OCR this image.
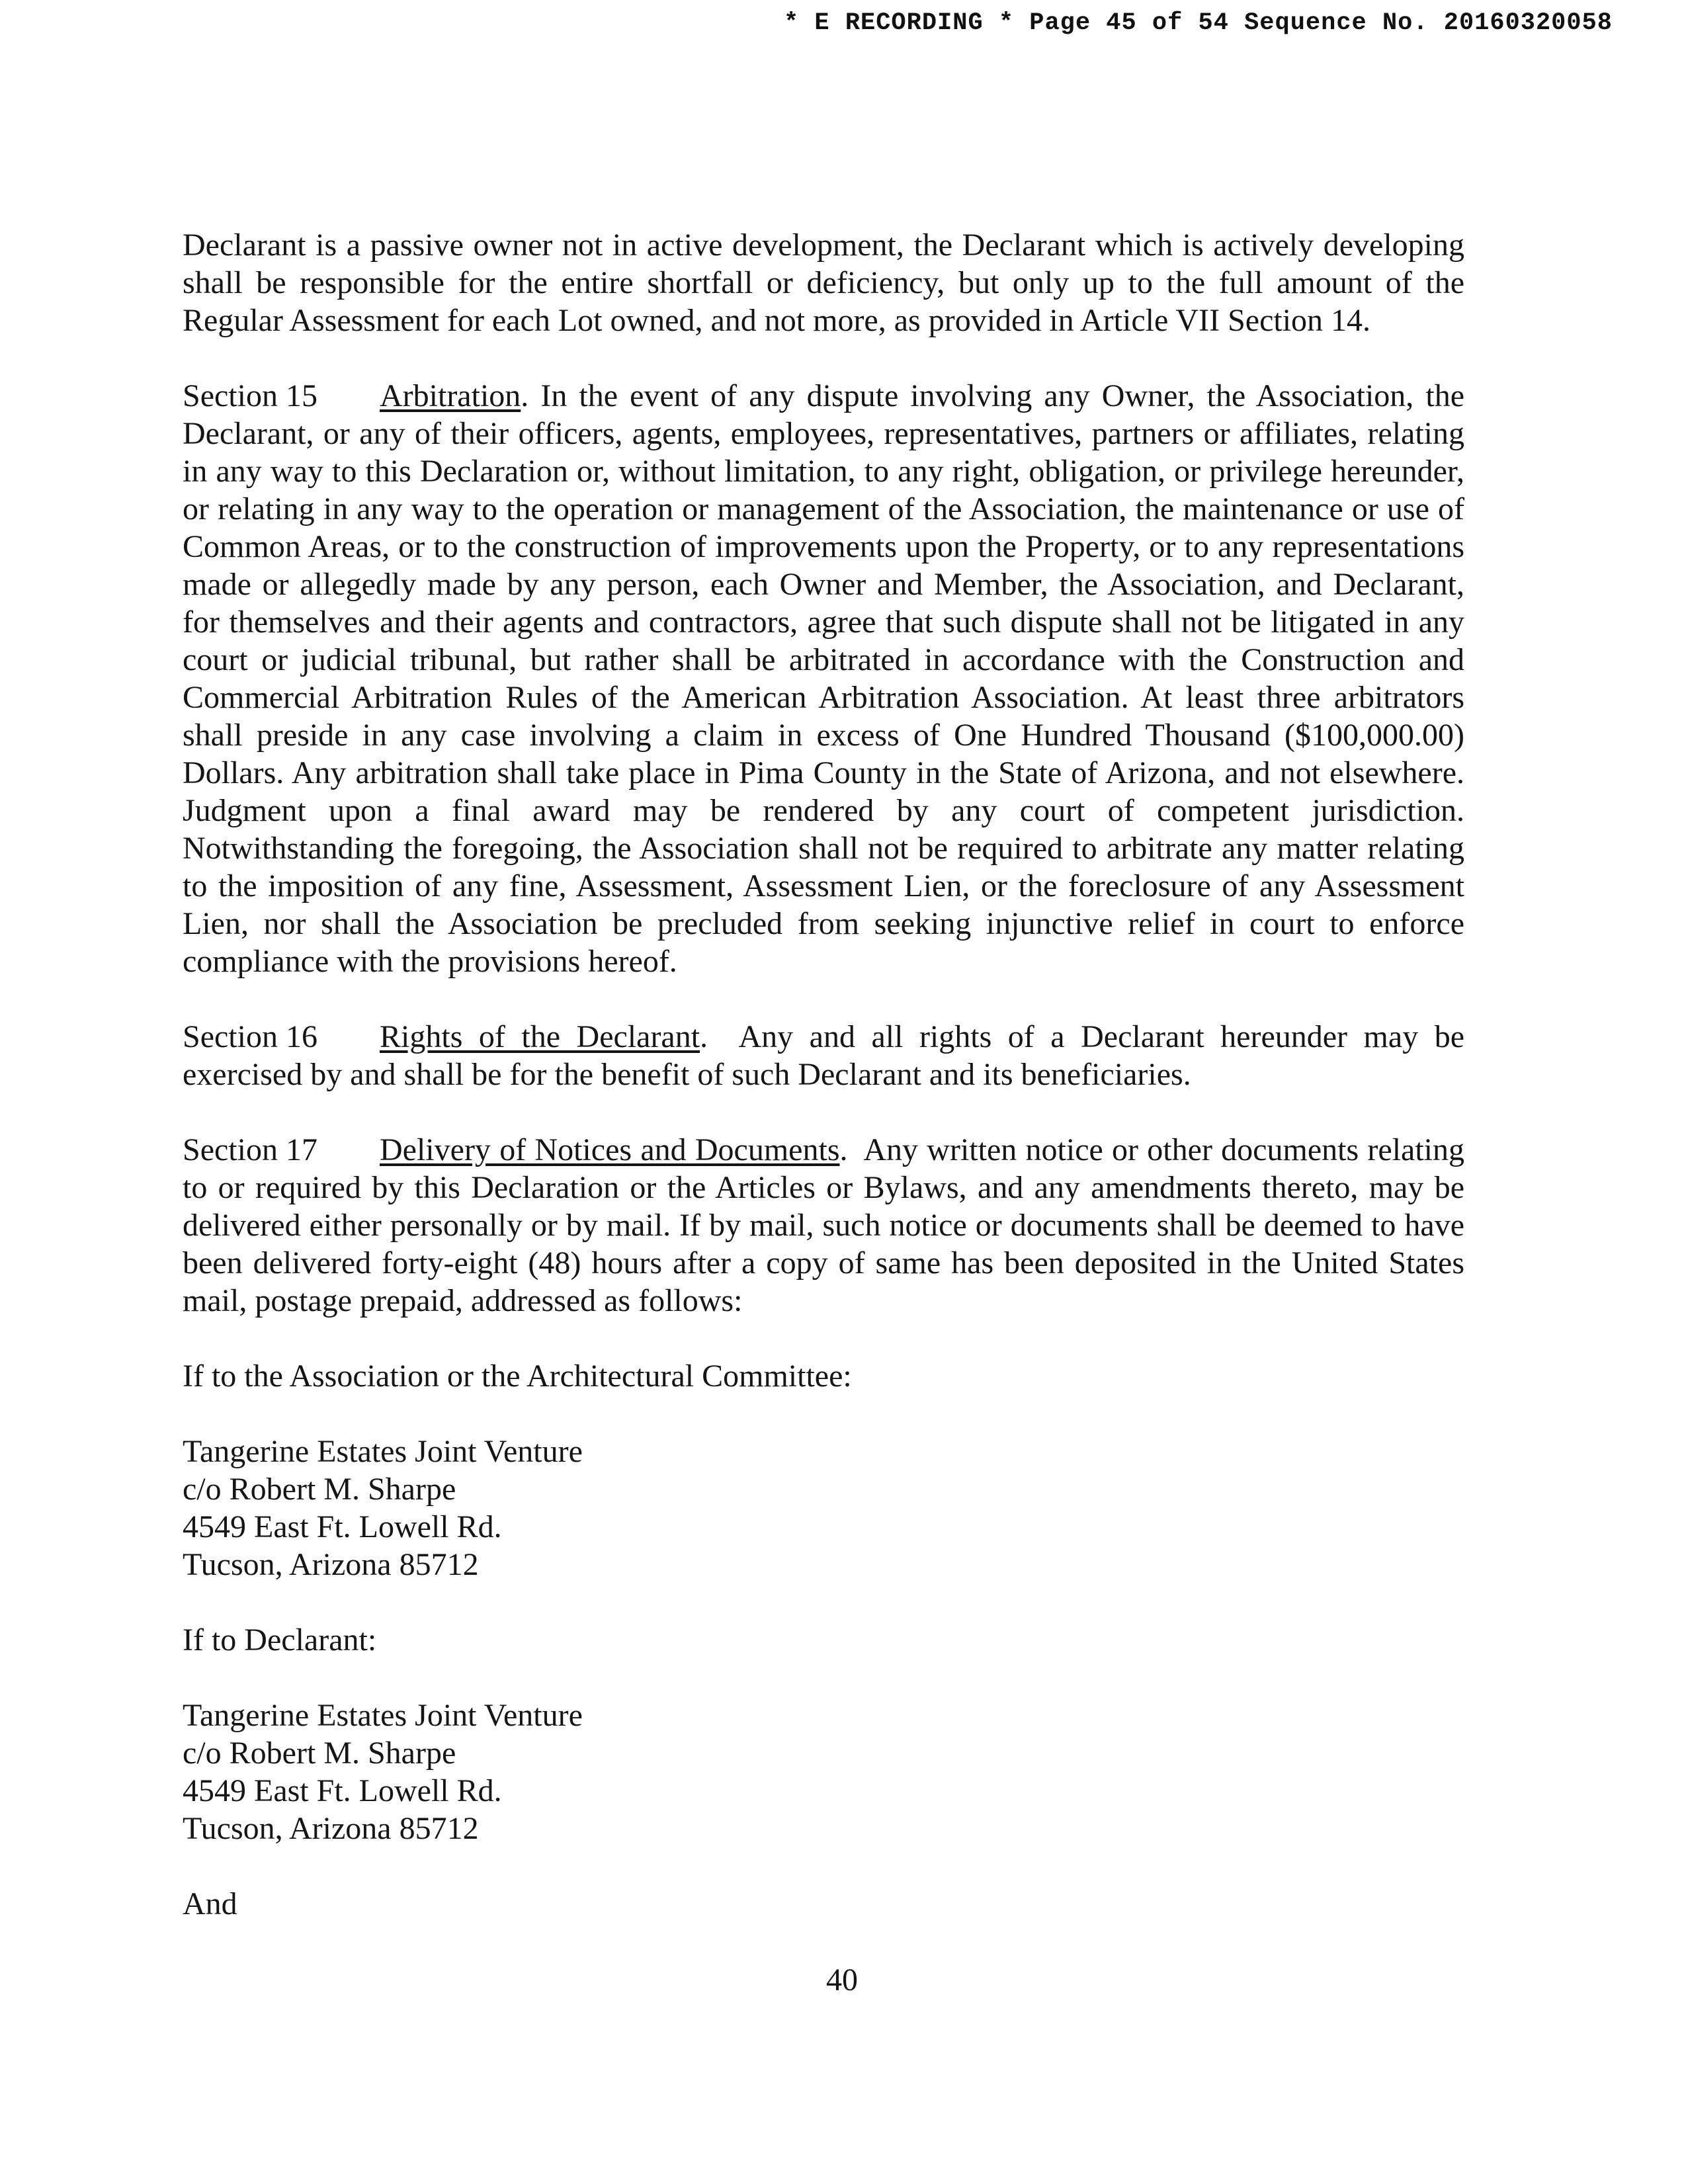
* E RECORDING * Page 45 of 54 Sequence No. 20160320058

Declarant is a passive owner not in active development, the Declarant which is actively developing shall be responsible for the entire shortfall or deficiency, but only up to the full amount of the Regular Assessment for each Lot owned, and not more, as provided in Article VII Section 14.

Section 15 Arbitration. In the event of any dispute involving any Owner, the Association, the Declarant, or any of their officers, agents, employees, representatives, partners or affiliates, relating in any way to this Declaration or, without limitation, to any right, obligation, or privilege hereunder, or relating in any way to the operation or management of the Association, the maintenance or use of Common Areas, or to the construction of improvements upon the Property, or to any representations made or allegedly made by any person, each Owner and Member, the Association, and Declarant, for themselves and their agents and contractors, agree that such dispute shall not be litigated in any court or judicial tribunal, but rather shall be arbitrated in accordance with the Construction and Commercial Arbitration Rules of the American Arbitration Association. At least three arbitrators shall preside in any case involving a claim in excess of One Hundred Thousand ($100,000.00) Dollars. Any arbitration shall take place in Pima County in the State of Arizona, and not elsewhere. Judgment upon a final award may be rendered by any court of competent jurisdiction. Notwithstanding the foregoing, the Association shall not be required to arbitrate any matter relating to the imposition of any fine, Assessment, Assessment Lien, or the foreclosure of any Assessment Lien, nor shall the Association be precluded from seeking injunctive relief in court to enforce compliance with the provisions hereof.

Section 16 Rights of the Declarant. Any and all rights of a Declarant hereunder may be exercised by and shall be for the benefit of such Declarant and its beneficiaries.

Section 17 Delivery of Notices and Documents. Any written notice or other documents relating to or required by this Declaration or the Articles or Bylaws, and any amendments thereto, may be delivered either personally or by mail. If by mail, such notice or documents shall be deemed to have been delivered forty-eight (48) hours after a copy of same has been deposited in the United States mail, postage prepaid, addressed as follows:

If to the Association or the Architectural Committee:
Tangerine Estates Joint Venture
c/o Robert M. Sharpe
4549 East Ft. Lowell Rd.
Tucson, Arizona 85712
If to Declarant:
Tangerine Estates Joint Venture
c/o Robert M. Sharpe
4549 East Ft. Lowell Rd.
Tucson, Arizona 85712
And
40
